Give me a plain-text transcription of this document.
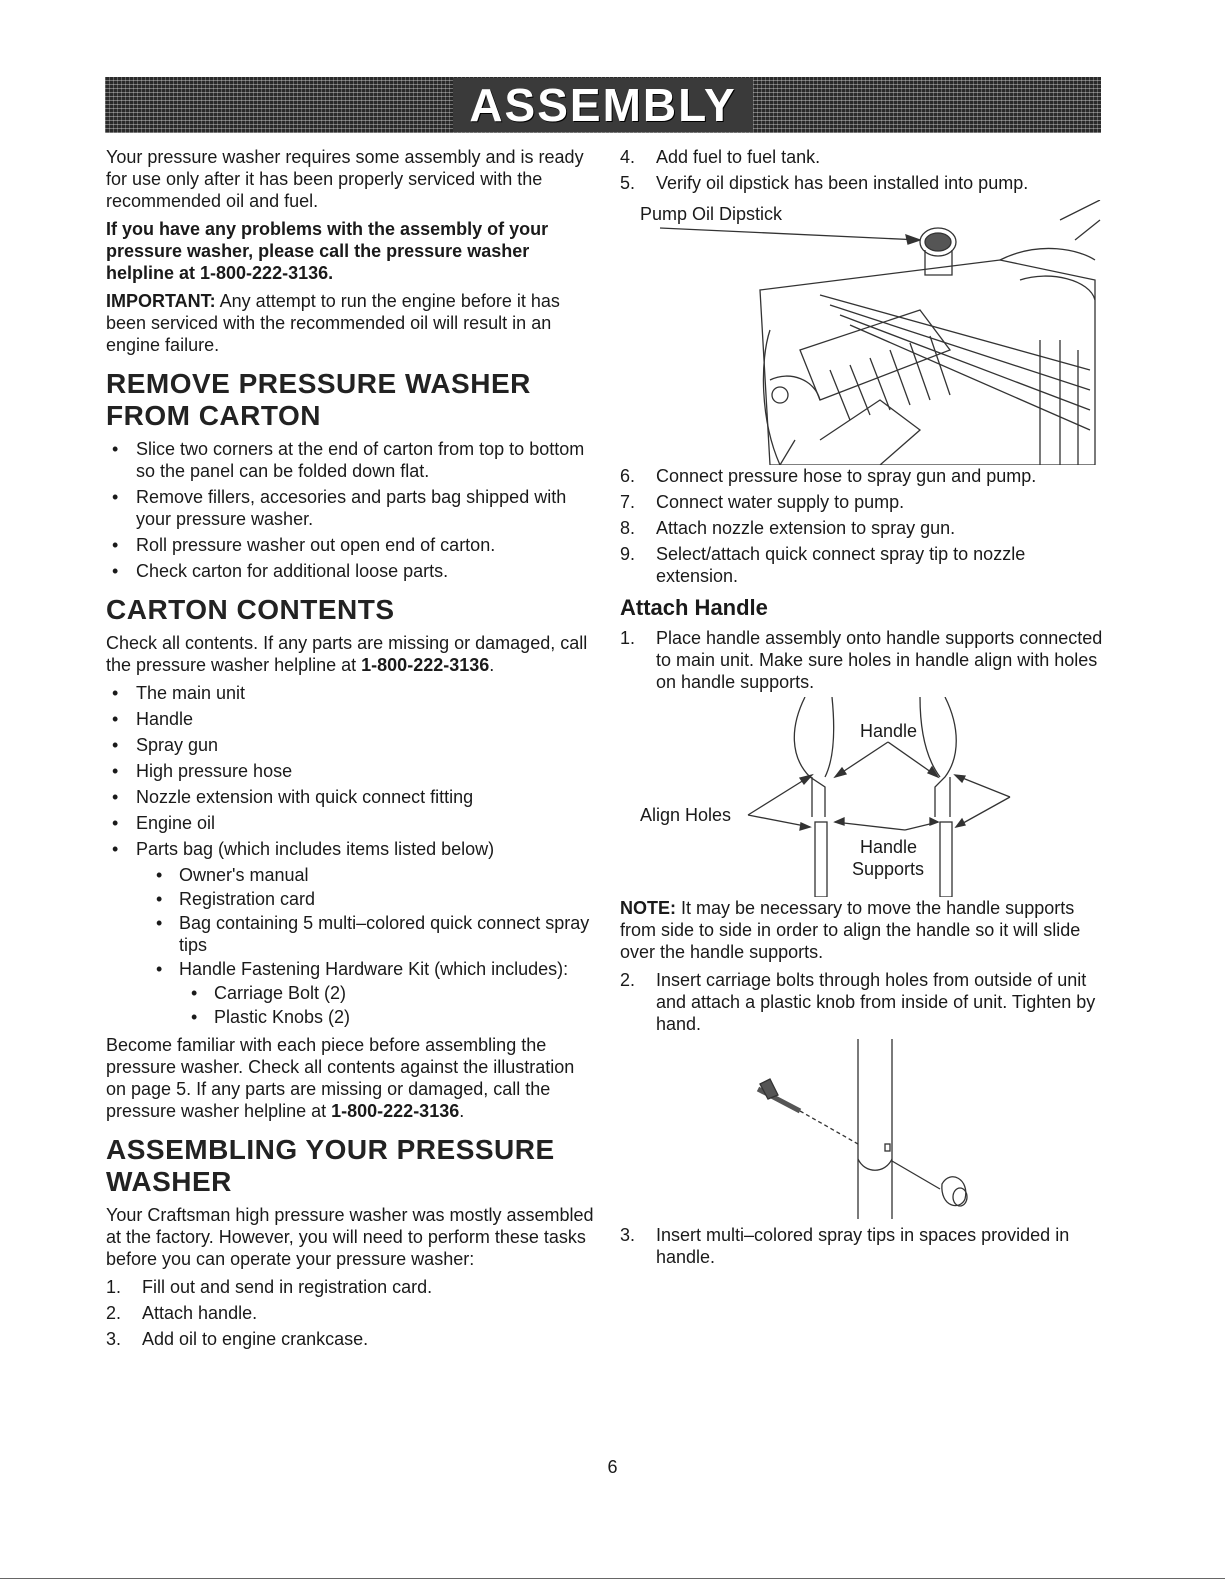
ASSEMBLY

Your pressure washer requires some assembly and is ready for use only after it has been properly serviced with the recommended oil and fuel.

If you have any problems with the assembly of your pressure washer, please call the pressure washer helpline at 1-800-222-3136.

IMPORTANT: Any attempt to run the engine before it has been serviced with the recommended oil will result in an engine failure.

REMOVE PRESSURE WASHER FROM CARTON
• Slice two corners at the end of carton from top to bottom so the panel can be folded down flat.
• Remove fillers, accesories and parts bag shipped with your pressure washer.
• Roll pressure washer out open end of carton.
• Check carton for additional loose parts.
CARTON CONTENTS

Check all contents. If any parts are missing or damaged, call the pressure washer helpline at 1-800-222-3136.

• The main unit
• Handle
• Spray gun
• High pressure hose
• Nozzle extension with quick connect fitting
• Engine oil
• Parts bag (which includes items listed below)
• Owner's manual
• Registration card
• Bag containing 5 multi–colored quick connect spray tips
• Handle Fastening Hardware Kit (which includes):
• Carriage Bolt (2)
• Plastic Knobs (2)

Become familiar with each piece before assembling the pressure washer. Check all contents against the illustration on page 5. If any parts are missing or damaged, call the pressure washer helpline at 1-800-222-3136.

ASSEMBLING YOUR PRESSURE WASHER

Your Craftsman high pressure washer was mostly assembled at the factory. However, you will need to perform these tasks before you can operate your pressure washer:

1. Fill out and send in registration card.
2. Attach handle.
3. Add oil to engine crankcase.
4. Add fuel to fuel tank.
5. Verify oil dipstick has been installed into pump.
Pump Oil Dipstick
6. Connect pressure hose to spray gun and pump.
7. Connect water supply to pump.
8. Attach nozzle extension to spray gun.
9. Select/attach quick connect spray tip to nozzle extension.
Attach Handle
1. Place handle assembly onto handle supports connected to main unit. Make sure holes in handle align with holes on handle supports.
Handle
Align Holes
Handle
Supports

NOTE: It may be necessary to move the handle supports from side to side in order to align the handle so it will slide over the handle supports.

2. Insert carriage bolts through holes from outside of unit and attach a plastic knob from inside of unit. Tighten by hand.
3. Insert multi–colored spray tips in spaces provided in handle.
6
